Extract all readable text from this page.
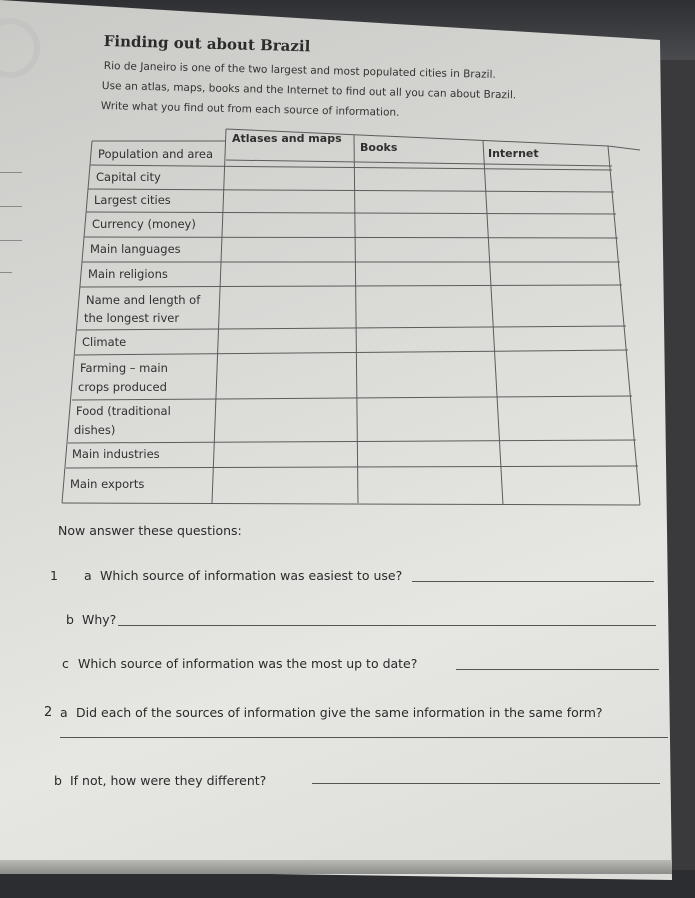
Finding out about Brazil
Rio de Janeiro is one of the two largest and most populated cities in Brazil.
Use an atlas, maps, books and the Internet to find out all you can about Brazil.
Write what you find out from each source of information.
Atlases and maps
Books	Internet
Population and area
Capital city
Largest cities
Currency (money)
Main languages
Main religions
Name and length of
the longest river
Climate
Farming – main
crops produced
Food (traditional
dishes)
Main industries
Main exports
Now answer these questions:
1 a Which source of information was easiest to use?
b Why?
c Which source of information was the most up to date?
2 a Did each of the sources of information give the same information in the same form?
b If not, how were they different?
